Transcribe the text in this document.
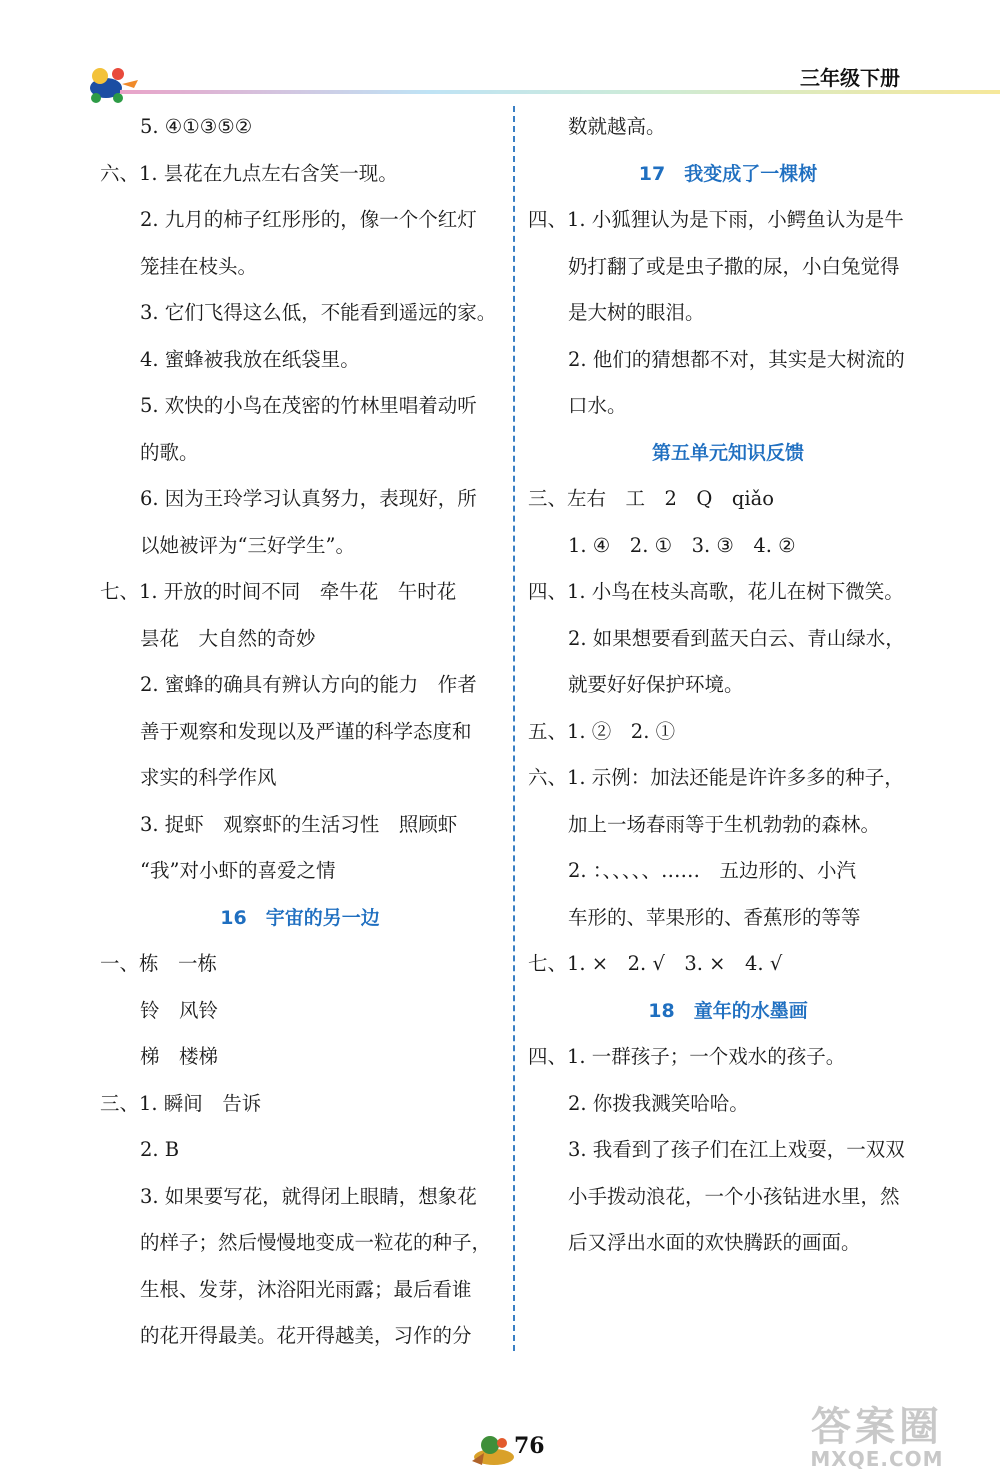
三年级下册
5. ④①③⑤②
六、1. 昙花在九点左右含笑一现。
2. 九月的柿子红彤彤的，像一个个红灯
笼挂在枝头。
3. 它们飞得这么低，不能看到遥远的家。
4. 蜜蜂被我放在纸袋里。
5. 欢快的小鸟在茂密的竹林里唱着动听
的歌。
6. 因为王玲学习认真努力，表现好，所
以她被评为“三好学生”。
七、1. 开放的时间不同　牵牛花　午时花
昙花　大自然的奇妙
2. 蜜蜂的确具有辨认方向的能力　作者
善于观察和发现以及严谨的科学态度和
求实的科学作风
3. 捉虾　观察虾的生活习性　照顾虾
“我”对小虾的喜爱之情
16　宇宙的另一边
一、栋　一栋
铃　风铃
梯　楼梯
三、1. 瞬间　告诉
2. B
3. 如果要写花，就得闭上眼睛，想象花
的样子；然后慢慢地变成一粒花的种子，
生根、发芽，沐浴阳光雨露；最后看谁
的花开得最美。花开得越美，习作的分
数就越高。
17　我变成了一棵树
四、1. 小狐狸认为是下雨，小鳄鱼认为是牛
奶打翻了或是虫子撒的尿，小白兔觉得
是大树的眼泪。
2. 他们的猜想都不对，其实是大树流的
口水。
第五单元知识反馈
三、左右　工　2　Q　qiǎo
1. ④　2. ①　3. ③　4. ②
四、1. 小鸟在枝头高歌，花儿在树下微笑。
2. 如果想要看到蓝天白云、青山绿水，
就要好好保护环境。
五、1. ②　2. ①
六、1. 示例：加法还能是许许多多的种子，
加上一场春雨等于生机勃勃的森林。
2. ：、、、、、……　五边形的、小汽
车形的、苹果形的、香蕉形的等等
七、1. ×　2. √　3. ×　4. √
18　童年的水墨画
四、1. 一群孩子；一个戏水的孩子。
2. 你拨我溅笑哈哈。
3. 我看到了孩子们在江上戏耍，一双双
小手拨动浪花，一个小孩钻进水里，然
后又浮出水面的欢快腾跃的画面。
76	答案圈
MXQE.COM
